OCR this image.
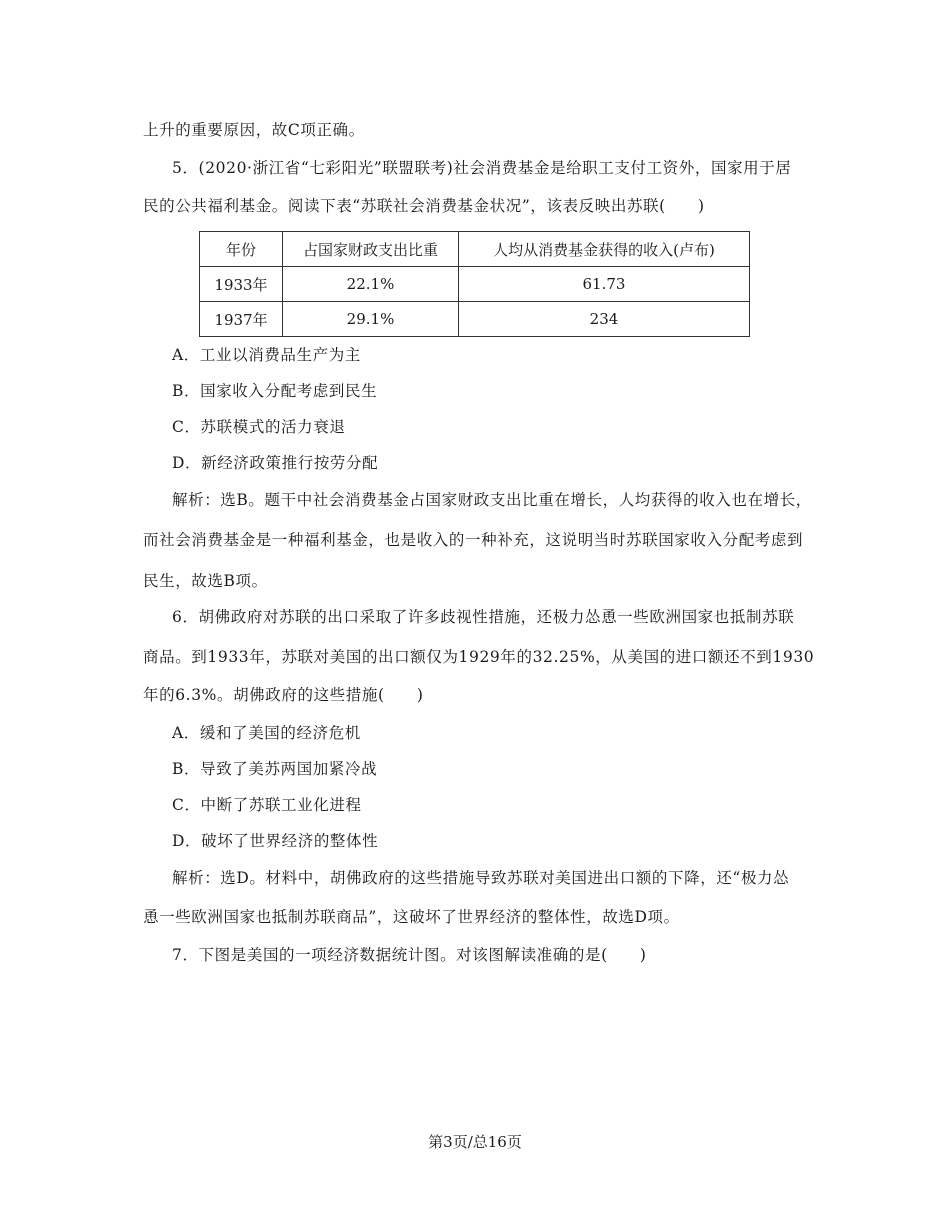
上升的重要原因，故C项正确。
5．(2020·浙江省“七彩阳光”联盟联考)社会消费基金是给职工支付工资外，国家用于居
民的公共福利基金。阅读下表“苏联社会消费基金状况”，该表反映出苏联(　　)
年份	占国家财政支出比重	人均从消费基金获得的收入(卢布)
1933年	22.1%	61.73
1937年	29.1%	234
A．工业以消费品生产为主
B．国家收入分配考虑到民生
C．苏联模式的活力衰退
D．新经济政策推行按劳分配
解析：选B。题干中社会消费基金占国家财政支出比重在增长，人均获得的收入也在增长，
而社会消费基金是一种福利基金，也是收入的一种补充，这说明当时苏联国家收入分配考虑到
民生，故选B项。
6．胡佛政府对苏联的出口采取了许多歧视性措施，还极力怂恿一些欧洲国家也抵制苏联
商品。到1933年，苏联对美国的出口额仅为1929年的32.25%，从美国的进口额还不到1930
年的6.3%。胡佛政府的这些措施(　　)
A．缓和了美国的经济危机
B．导致了美苏两国加紧冷战
C．中断了苏联工业化进程
D．破坏了世界经济的整体性
解析：选D。材料中，胡佛政府的这些措施导致苏联对美国进出口额的下降，还“极力怂
恿一些欧洲国家也抵制苏联商品”，这破坏了世界经济的整体性，故选D项。
7．下图是美国的一项经济数据统计图。对该图解读准确的是(　　)
第3页/总16页
